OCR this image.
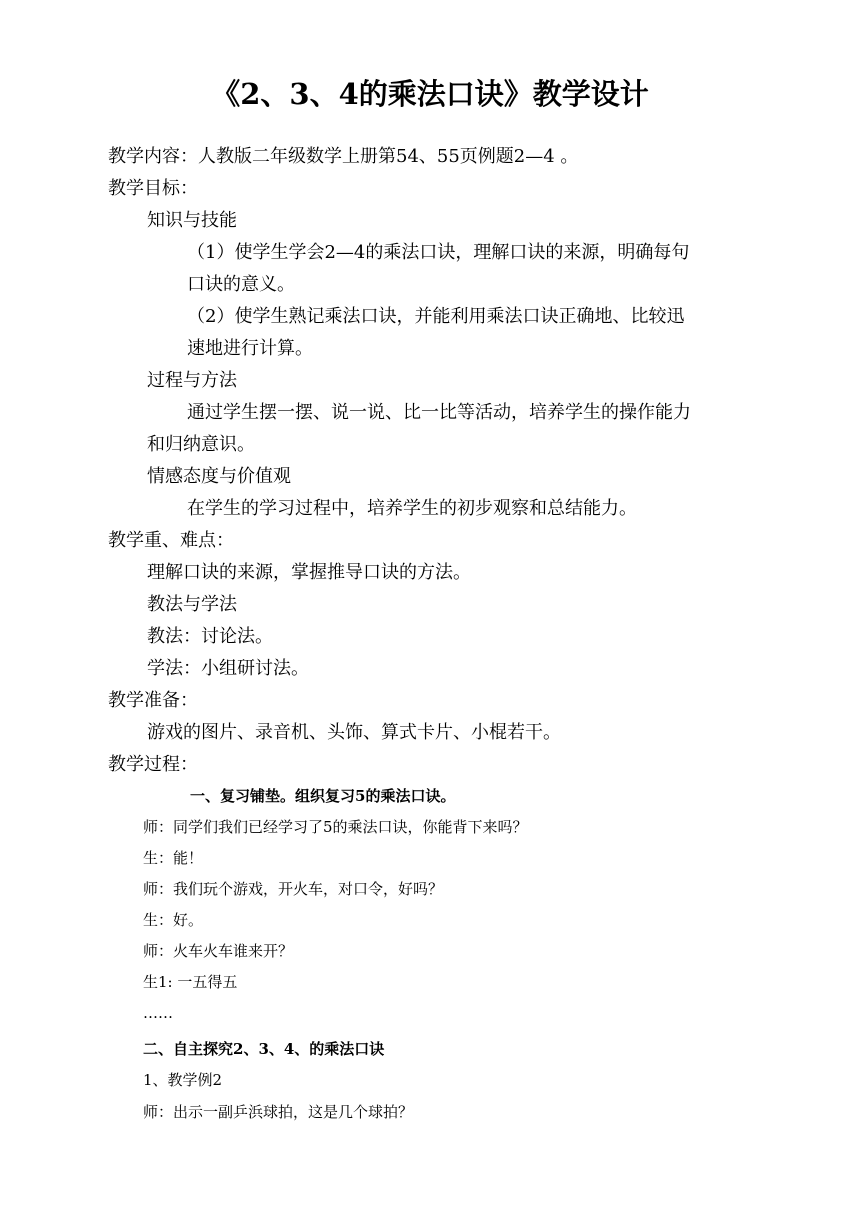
《2、3、4的乘法口诀》教学设计
教学内容：人教版二年级数学上册第54、55页例题2—4 。
教学目标：
知识与技能
（1）使学生学会2—4的乘法口诀，理解口诀的来源，明确每句
口诀的意义。
（2）使学生熟记乘法口诀，并能利用乘法口诀正确地、比较迅
速地进行计算。
过程与方法
通过学生摆一摆、说一说、比一比等活动，培养学生的操作能力
和归纳意识。
情感态度与价值观
在学生的学习过程中，培养学生的初步观察和总结能力。
教学重、难点：
理解口诀的来源，掌握推导口诀的方法。
教法与学法
教法：讨论法。
学法：小组研讨法。
教学准备：
游戏的图片、录音机、头饰、算式卡片、小棍若干。
教学过程：
一、复习铺垫。组织复习5的乘法口诀。
师：同学们我们已经学习了5的乘法口诀，你能背下来吗？
生：能！
师：我们玩个游戏，开火车，对口令，好吗？
生：好。
师：火车火车谁来开？
生1: 一五得五
……
二、自主探究2、3、4、的乘法口诀
1、教学例2
师：出示一副乒浜球拍，这是几个球拍？
